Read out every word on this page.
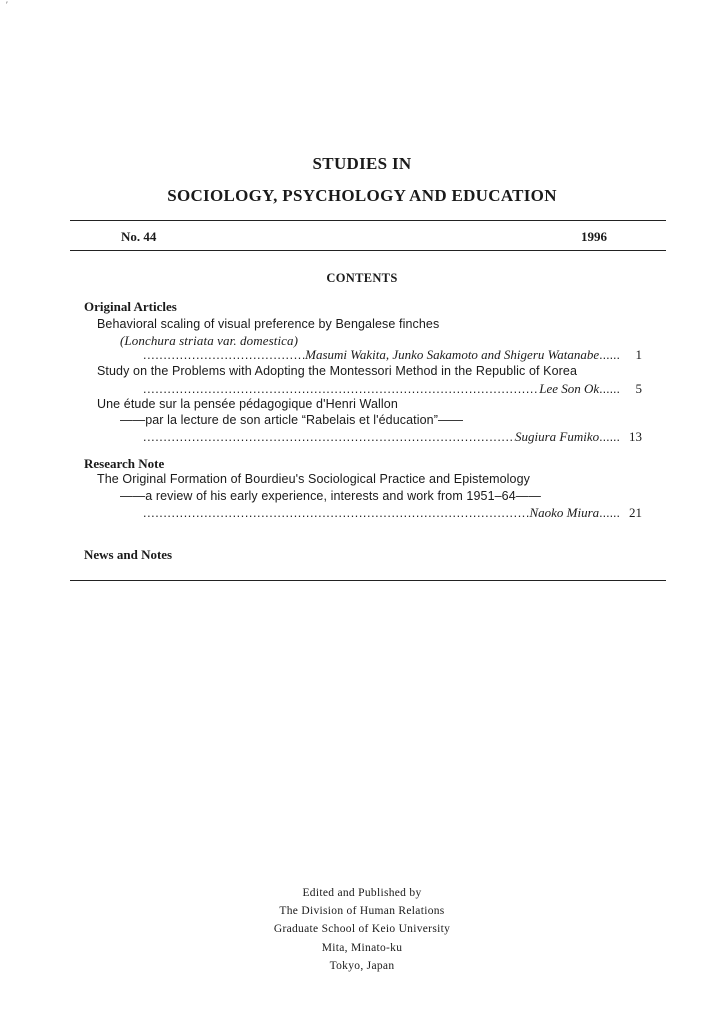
′
STUDIES IN
SOCIOLOGY, PSYCHOLOGY AND EDUCATION
No. 44	1996
CONTENTS
Original Articles
Behavioral scaling of visual preference by Bengalese finches
(Lonchura striata var. domestica)
.....
Masumi Wakita, Junko Sakamoto and Shigeru Watanabe ......	1
Study on the Problems with Adopting the Montessori Method in the Republic of Korea
.....
Lee Son Ok ......	5
Une étude sur la pensée pédagogique d'Henri Wallon
——par la lecture de son article “Rabelais et l'éducation”——
.....
Sugiura Fumiko ...... 13
Research Note
The Original Formation of Bourdieu's Sociological Practice and Epistemology
——a review of his early experience, interests and work from 1951–64——
.....
Naoko Miura ...... 21
News and Notes
Edited and Published by
The Division of Human Relations
Graduate School of Keio University
Mita, Minato-ku
Tokyo, Japan
